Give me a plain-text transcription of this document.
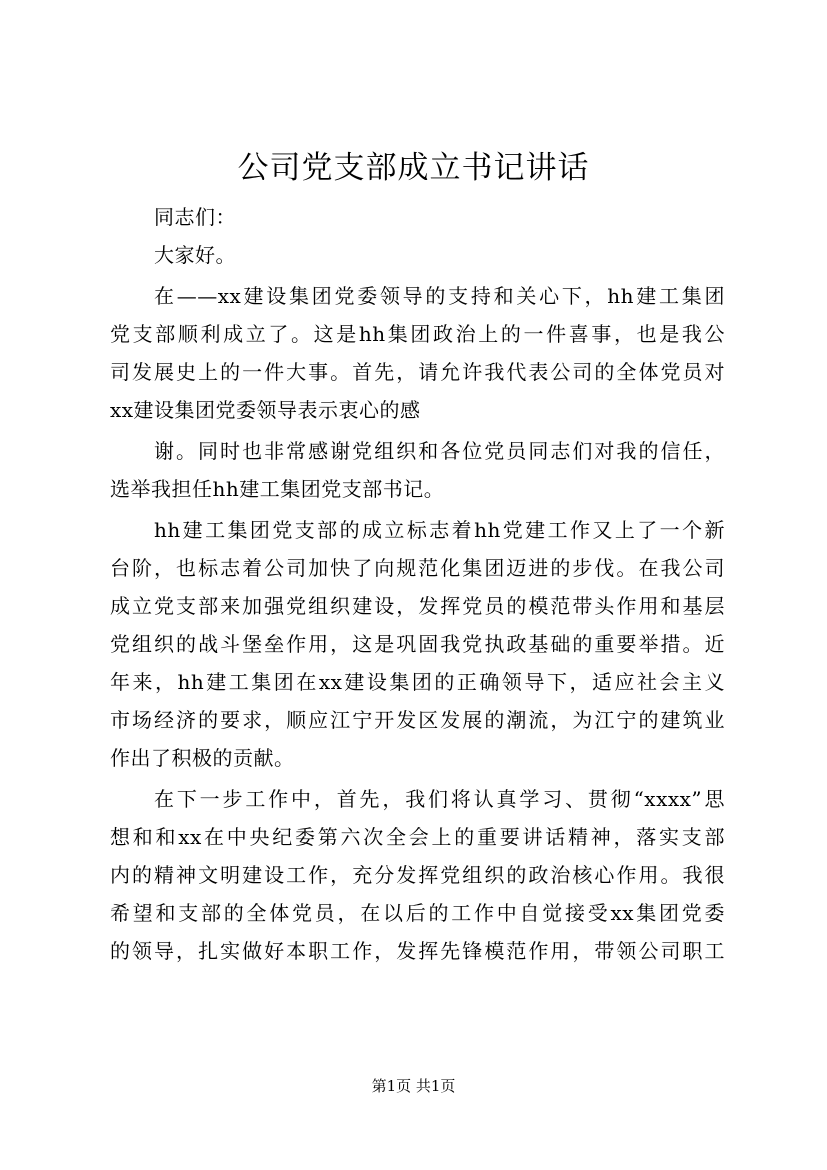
公司党支部成立书记讲话
同志们：
大家好。
在——xx建设集团党委领导的支持和关心下，hh建工集团
党支部顺利成立了。这是hh集团政治上的一件喜事，也是我公
司发展史上的一件大事。首先，请允许我代表公司的全体党员对
xx建设集团党委领导表示衷心的感
谢。同时也非常感谢党组织和各位党员同志们对我的信任，
选举我担任hh建工集团党支部书记。
hh建工集团党支部的成立标志着hh党建工作又上了一个新
台阶，也标志着公司加快了向规范化集团迈进的步伐。在我公司
成立党支部来加强党组织建设，发挥党员的模范带头作用和基层
党组织的战斗堡垒作用，这是巩固我党执政基础的重要举措。近
年来，hh建工集团在xx建设集团的正确领导下，适应社会主义
市场经济的要求，顺应江宁开发区发展的潮流，为江宁的建筑业
作出了积极的贡献。
在下一步工作中，首先，我们将认真学习、贯彻“xxxx”思
想和和xx在中央纪委第六次全会上的重要讲话精神，落实支部
内的精神文明建设工作，充分发挥党组织的政治核心作用。我很
希望和支部的全体党员，在以后的工作中自觉接受xx集团党委
的领导，扎实做好本职工作，发挥先锋模范作用，带领公司职工
第1页 共1页
